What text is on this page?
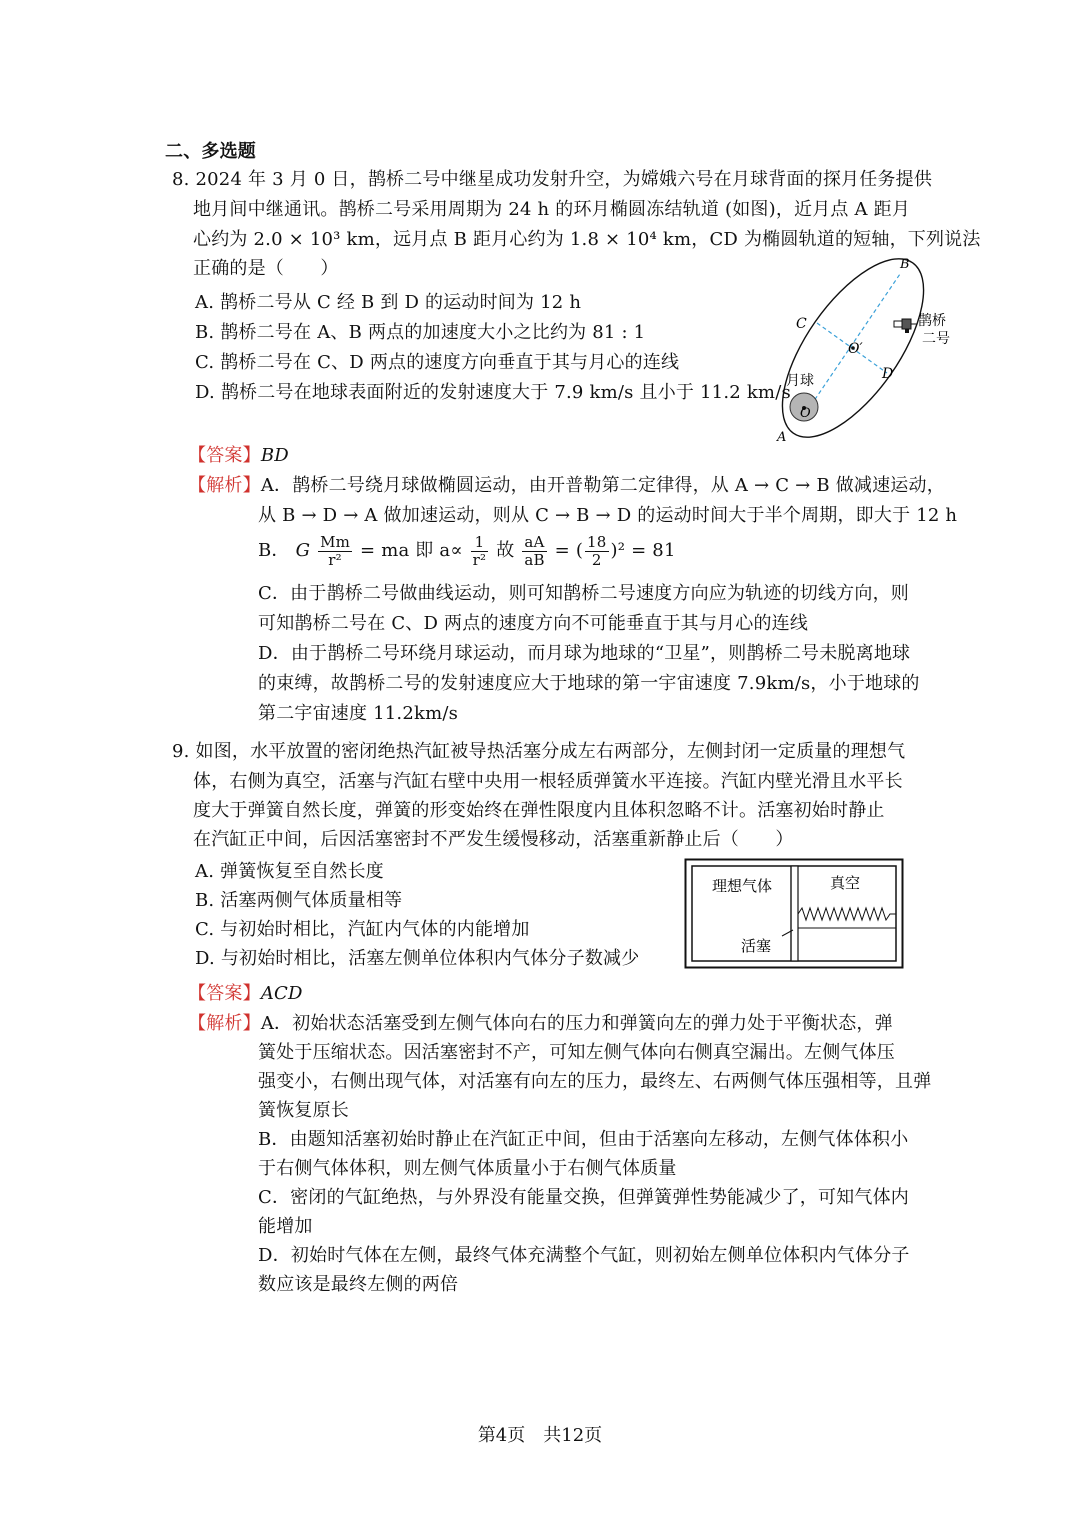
二、多选题
8. 2024 年 3 月 0 日，鹊桥二号中继星成功发射升空，为嫦娥六号在月球背面的探月任务提供
地月间中继通讯。鹊桥二号采用周期为 24 h 的环月椭圆冻结轨道 (如图)，近月点 A 距月
心约为 2.0 × 10³ km，远月点 B 距月心约为 1.8 × 10⁴ km，CD 为椭圆轨道的短轴，下列说法
正确的是（　　）
A. 鹊桥二号从 C 经 B 到 D 的运动时间为 12 h
B. 鹊桥二号在 A、B 两点的加速度大小之比约为 81 : 1
C. 鹊桥二号在 C、D 两点的速度方向垂直于其与月心的连线
D. 鹊桥二号在地球表面附近的发射速度大于 7.9 km/s 且小于 11.2 km/s
B
C
O′
D
月球
O
A
鹊桥
二号
【答案】BD
【解析】A．鹊桥二号绕月球做椭圆运动，由开普勒第二定律得，从 A → C → B 做减速运动，
从 B → D → A 做加速运动，则从 C → B → D 的运动时间大于半个周期，即大于 12 h
B． G $\frac{Mm}{\text{r²}}$ = ma 即 $a\propto \frac{1}{\text{r²}}$ 故 $\frac{aA}{aB}$ = ( $\frac{18}{2} )^2 = 81$
C．由于鹊桥二号做曲线运动，则可知鹊桥二号速度方向应为轨迹的切线方向，则
可知鹊桥二号在 C、D 两点的速度方向不可能垂直于其与月心的连线
D．由于鹊桥二号环绕月球运动，而月球为地球的“卫星”，则鹊桥二号未脱离地球
的束缚，故鹊桥二号的发射速度应大于地球的第一宇宙速度 7.9km/s，小于地球的
第二宇宙速度 11.2km/s
9. 如图，水平放置的密闭绝热汽缸被导热活塞分成左右两部分，左侧封闭一定质量的理想气
体，右侧为真空，活塞与汽缸右壁中央用一根轻质弹簧水平连接。汽缸内壁光滑且水平长
度大于弹簧自然长度，弹簧的形变始终在弹性限度内且体积忽略不计。活塞初始时静止
在汽缸正中间，后因活塞密封不严发生缓慢移动，活塞重新静止后（　　）
A. 弹簧恢复至自然长度
B. 活塞两侧气体质量相等
C. 与初始时相比，汽缸内气体的内能增加
D. 与初始时相比，活塞左侧单位体积内气体分子数减少
理想气体	真空
活塞
【答案】ACD
【解析】A．初始状态活塞受到左侧气体向右的压力和弹簧向左的弹力处于平衡状态，弹
簧处于压缩状态。因活塞密封不产，可知左侧气体向右侧真空漏出。左侧气体压
强变小，右侧出现气体，对活塞有向左的压力，最终左、右两侧气体压强相等，且弹
簧恢复原长
B．由题知活塞初始时静止在汽缸正中间，但由于活塞向左移动，左侧气体体积小
于右侧气体体积，则左侧气体质量小于右侧气体质量
C．密闭的气缸绝热，与外界没有能量交换，但弹簧弹性势能减少了，可知气体内
能增加
D．初始时气体在左侧，最终气体充满整个气缸，则初始左侧单位体积内气体分子
数应该是最终左侧的两倍
第4页　共12页
